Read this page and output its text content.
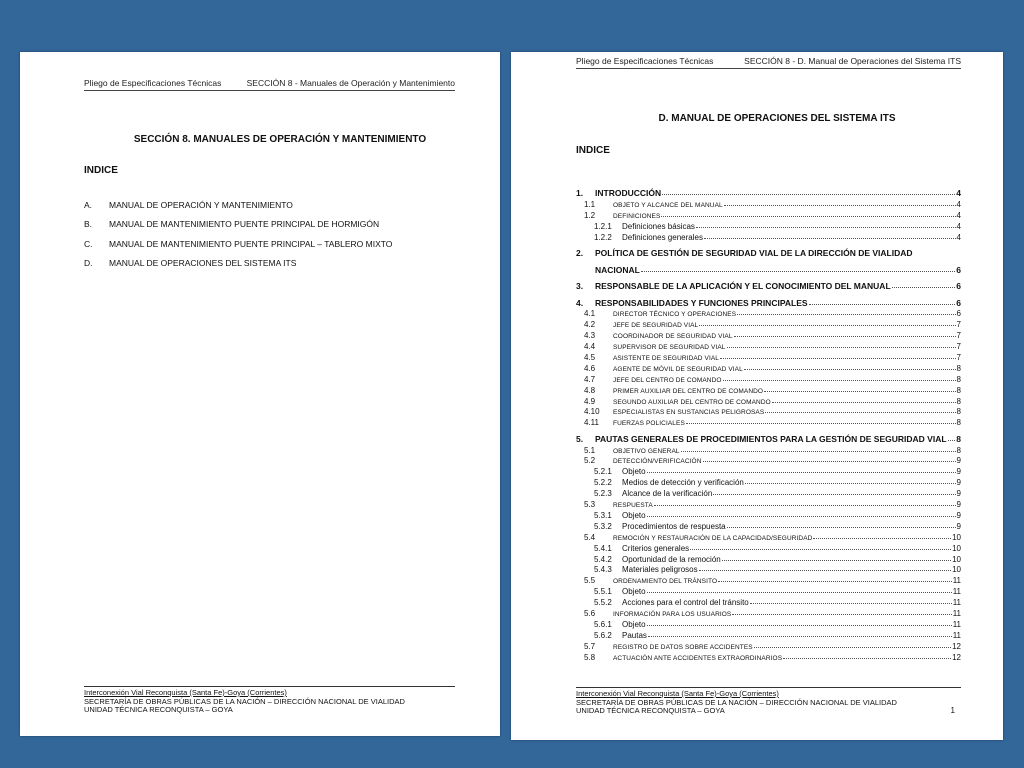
Pliego de Especificaciones Técnicas	SECCIÓN 8 - Manuales de Operación y Mantenimiento
SECCIÓN 8. MANUALES DE OPERACIÓN Y MANTENIMIENTO
INDICE
A.	MANUAL DE OPERACIÓN Y MANTENIMIENTO
B.	MANUAL DE MANTENIMIENTO PUENTE PRINCIPAL DE HORMIGÓN
C.	MANUAL DE MANTENIMIENTO PUENTE PRINCIPAL – TABLERO MIXTO
D.	MANUAL DE OPERACIONES DEL SISTEMA ITS
Interconexión Vial Reconquista (Santa Fe)-Goya (Corrientes)
SECRETARÍA DE OBRAS PÚBLICAS DE LA NACIÓN – DIRECCIÓN NACIONAL DE VIALIDAD
UNIDAD TÉCNICA RECONQUISTA – GOYA
Pliego de Especificaciones Técnicas	SECCIÓN 8 - D. Manual de Operaciones del Sistema ITS
D. MANUAL DE OPERACIONES DEL SISTEMA ITS
INDICE
1.	INTRODUCCIÓN	4
1.1	OBJETO Y ALCANCE DEL MANUAL	4
1.2	DEFINICIONES	4
1.2.1	Definiciones básicas	4
1.2.2	Definiciones generales	4
2.	POLÍTICA DE GESTIÓN DE SEGURIDAD VIAL DE LA DIRECCIÓN DE VIALIDAD
NACIONAL	6
3.	RESPONSABLE DE LA APLICACIÓN Y EL CONOCIMIENTO DEL MANUAL	6
4.	RESPONSABILIDADES Y FUNCIONES PRINCIPALES	6
4.1	DIRECTOR TÉCNICO Y OPERACIONES	6
4.2	JEFE DE SEGURIDAD VIAL	7
4.3	COORDINADOR DE SEGURIDAD VIAL	7
4.4	SUPERVISOR DE SEGURIDAD VIAL	7
4.5	ASISTENTE DE SEGURIDAD VIAL	7
4.6	AGENTE DE MÓVIL DE SEGURIDAD VIAL	8
4.7	JEFE DEL CENTRO DE COMANDO	8
4.8	PRIMER AUXILIAR DEL CENTRO DE COMANDO	8
4.9	SEGUNDO AUXILIAR DEL CENTRO DE COMANDO	8
4.10	ESPECIALISTAS EN SUSTANCIAS PELIGROSAS	8
4.11	FUERZAS POLICIALES	8
5.	PAUTAS GENERALES DE PROCEDIMIENTOS PARA LA GESTIÓN DE SEGURIDAD VIAL 8
5.1	OBJETIVO GENERAL	8
5.2	DETECCIÓN/VERIFICACIÓN	9
5.2.1	Objeto	9
5.2.2	Medios de detección y verificación	9
5.2.3	Alcance de la verificación	9
5.3	RESPUESTA	9
5.3.1	Objeto	9
5.3.2	Procedimientos de respuesta	9
5.4	REMOCIÓN Y RESTAURACIÓN DE LA CAPACIDAD/SEGURIDAD	10
5.4.1	Criterios generales	10
5.4.2	Oportunidad de la remoción	10
5.4.3	Materiales peligrosos	10
5.5	ORDENAMIENTO DEL TRÁNSITO	11
5.5.1	Objeto	11
5.5.2	Acciones para el control del tránsito	11
5.6	INFORMACIÓN PARA LOS USUARIOS	11
5.6.1	Objeto	11
5.6.2	Pautas	11
5.7	REGISTRO DE DATOS SOBRE ACCIDENTES	12
5.8	ACTUACIÓN ANTE ACCIDENTES EXTRAORDINARIOS	12
Interconexión Vial Reconquista (Santa Fe)-Goya (Corrientes)
SECRETARÍA DE OBRAS PÚBLICAS DE LA NACIÓN – DIRECCIÓN NACIONAL DE VIALIDAD
UNIDAD TÉCNICA RECONQUISTA – GOYA	1
